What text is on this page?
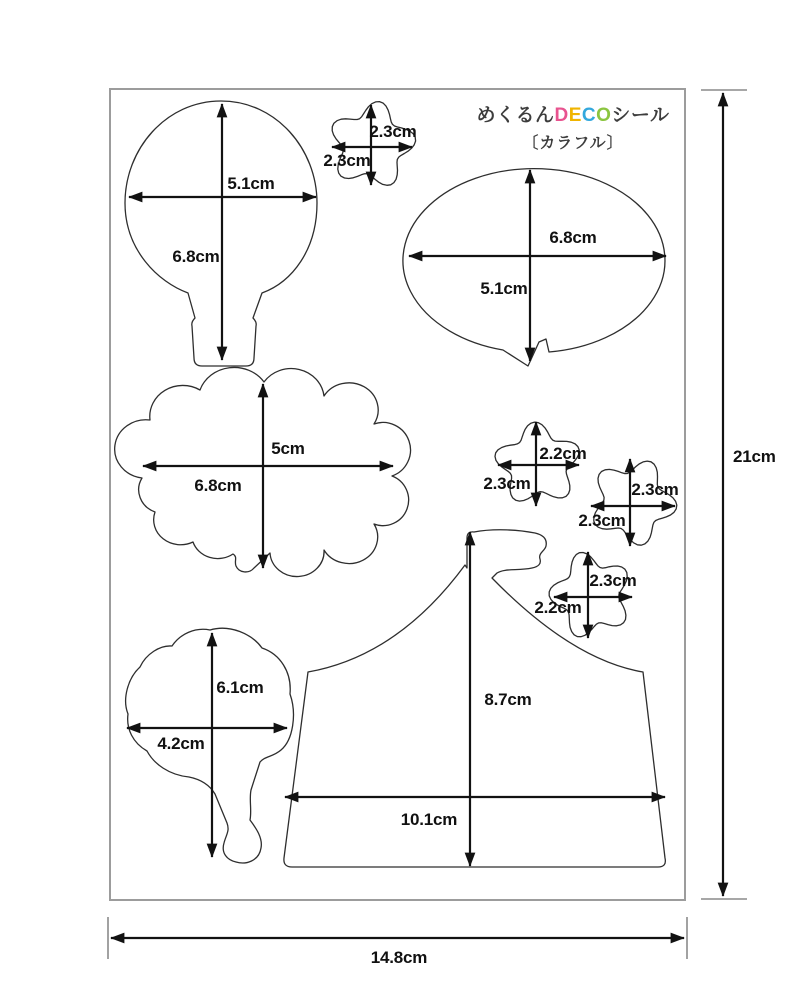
めくるんDECOシール
〔カラフル〕
5.1cm
6.8cm
2.3cm
2.3cm
6.8cm
5.1cm
5cm
6.8cm
2.2cm
2.3cm	2.3cm
2.3cm
2.3cm
2.2cm
6.1cm
4.2cm
8.7cm
10.1cm
21cm
14.8cm
